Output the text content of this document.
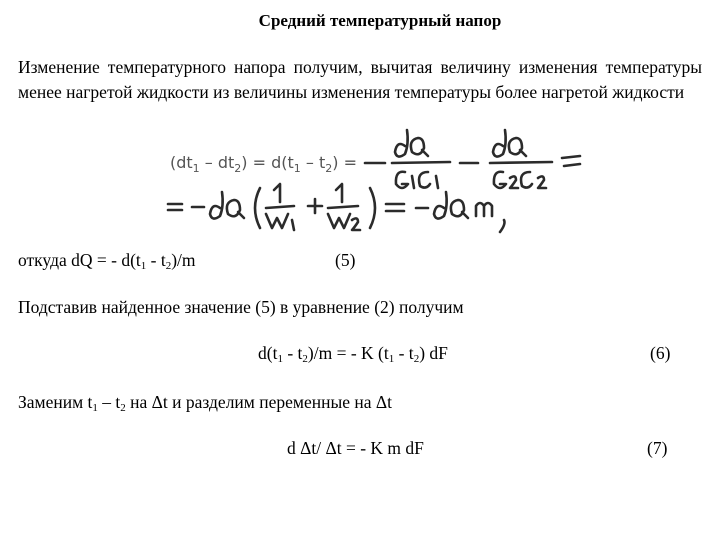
Средний температурный напор
Изменение температурного напора получим, вычитая величину изменения температуры менее нагретой жидкости из величины изменения температуры более нагретой жидкости
$(dt_1 - dt_2) = d(t_1 - t_2)$ =
откуда dQ = - $d(t_1 - t_2)/m$	(5)
Подставив найденное значение (5) в уравнение (2) получим
$d(t_1 - t_2)/m$ = - K $(t_1 - t_2)$ dF	(6)
Заменим $t_1 - t_2$ на Δt и разделим переменные на Δt
d Δt/ Δt = - K m dF	(7)
